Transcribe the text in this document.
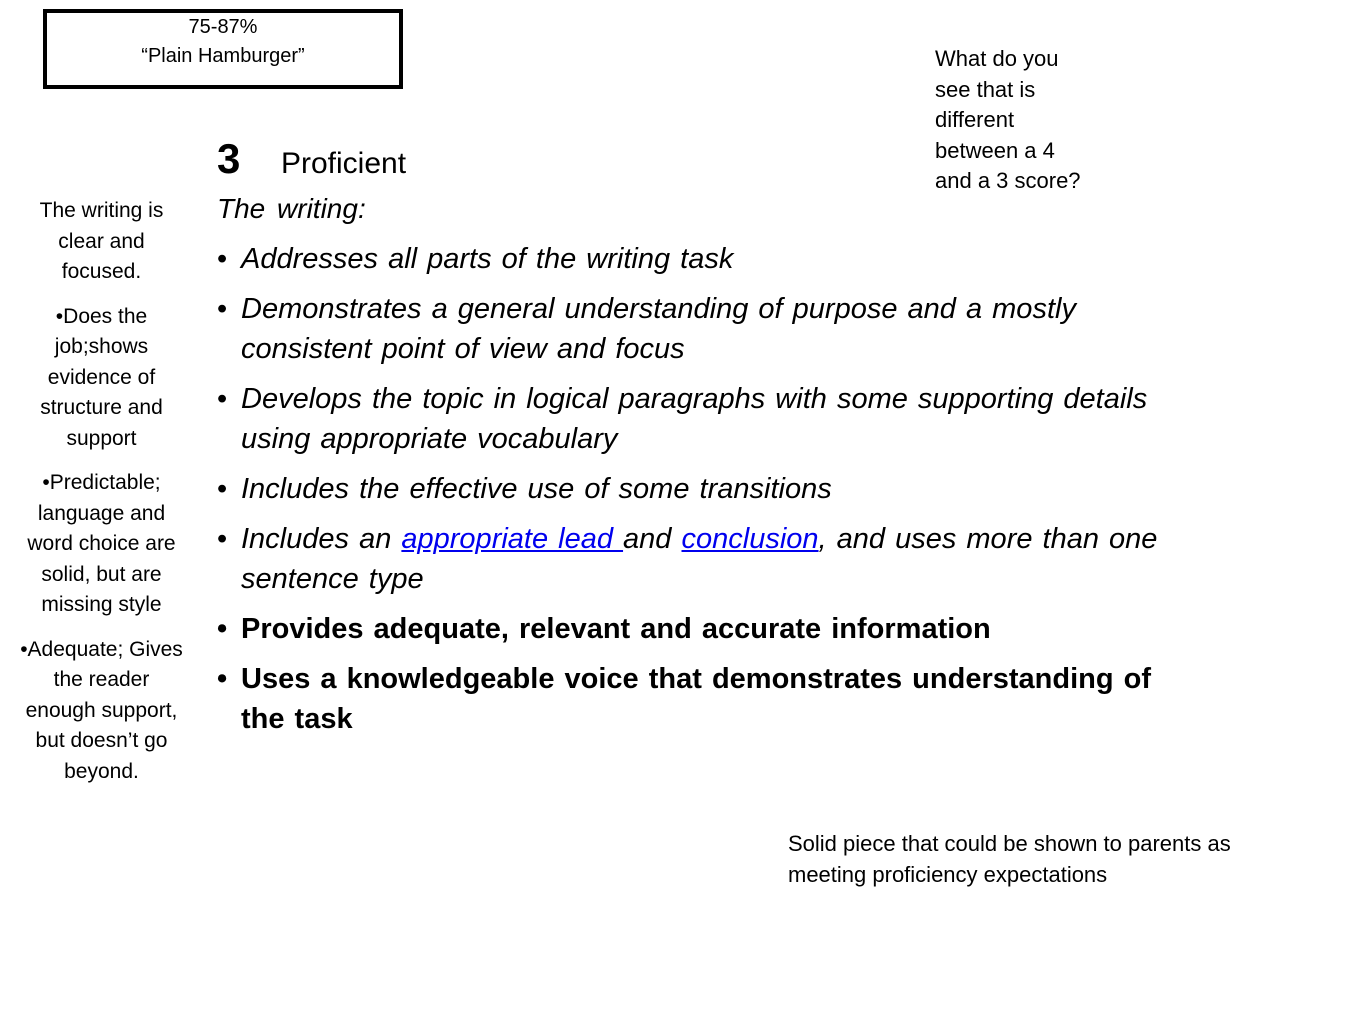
75-87%
“Plain Hamburger”	What do you see that is different between a 4 and a 3 score?

The writing is clear and focused.

•Does the job;shows evidence of structure and support

•Predictable; language and word choice are solid, but are missing style

•Adequate; Gives the reader enough support, but doesn’t go beyond.

3	Proficient

The writing:

• Addresses all parts of the writing task
• Demonstrates a general understanding of purpose and a mostly consistent point of view and focus
• Develops the topic in logical paragraphs with some supporting details using appropriate vocabulary
• Includes the effective use of some transitions
• Includes an appropriate lead and conclusion, and uses more than one sentence type
• Provides adequate, relevant and accurate information
• Uses a knowledgeable voice that demonstrates understanding of the task
Solid piece that could be shown to parents as meeting proficiency expectations
